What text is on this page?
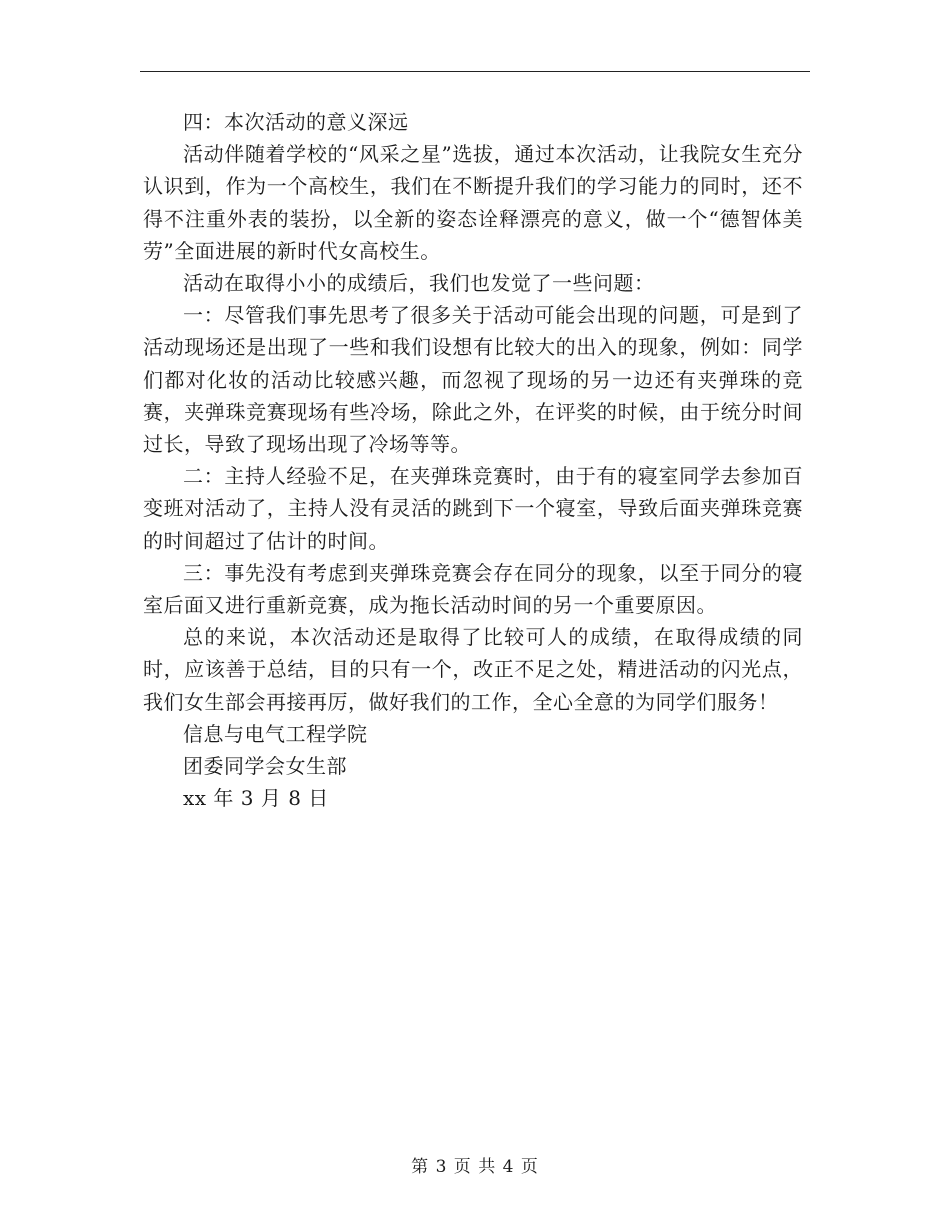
四：本次活动的意义深远

活动伴随着学校的“风采之星”选拔，通过本次活动，让我院女生充分认识到，作为一个高校生，我们在不断提升我们的学习能力的同时，还不得不注重外表的装扮，以全新的姿态诠释漂亮的意义，做一个“德智体美劳”全面进展的新时代女高校生。

活动在取得小小的成绩后，我们也发觉了一些问题：

一：尽管我们事先思考了很多关于活动可能会出现的问题，可是到了活动现场还是出现了一些和我们设想有比较大的出入的现象，例如：同学们都对化妆的活动比较感兴趣，而忽视了现场的另一边还有夹弹珠的竞赛，夹弹珠竞赛现场有些冷场，除此之外，在评奖的时候，由于统分时间过长，导致了现场出现了冷场等等。

二：主持人经验不足，在夹弹珠竞赛时，由于有的寝室同学去参加百变班对活动了，主持人没有灵活的跳到下一个寝室，导致后面夹弹珠竞赛的时间超过了估计的时间。

三：事先没有考虑到夹弹珠竞赛会存在同分的现象，以至于同分的寝室后面又进行重新竞赛，成为拖长活动时间的另一个重要原因。

总的来说，本次活动还是取得了比较可人的成绩，在取得成绩的同时，应该善于总结，目的只有一个，改正不足之处，精进活动的闪光点，我们女生部会再接再厉，做好我们的工作，全心全意的为同学们服务！

信息与电气工程学院

团委同学会女生部

xx 年 3 月 8 日

第 3 页 共 4 页
